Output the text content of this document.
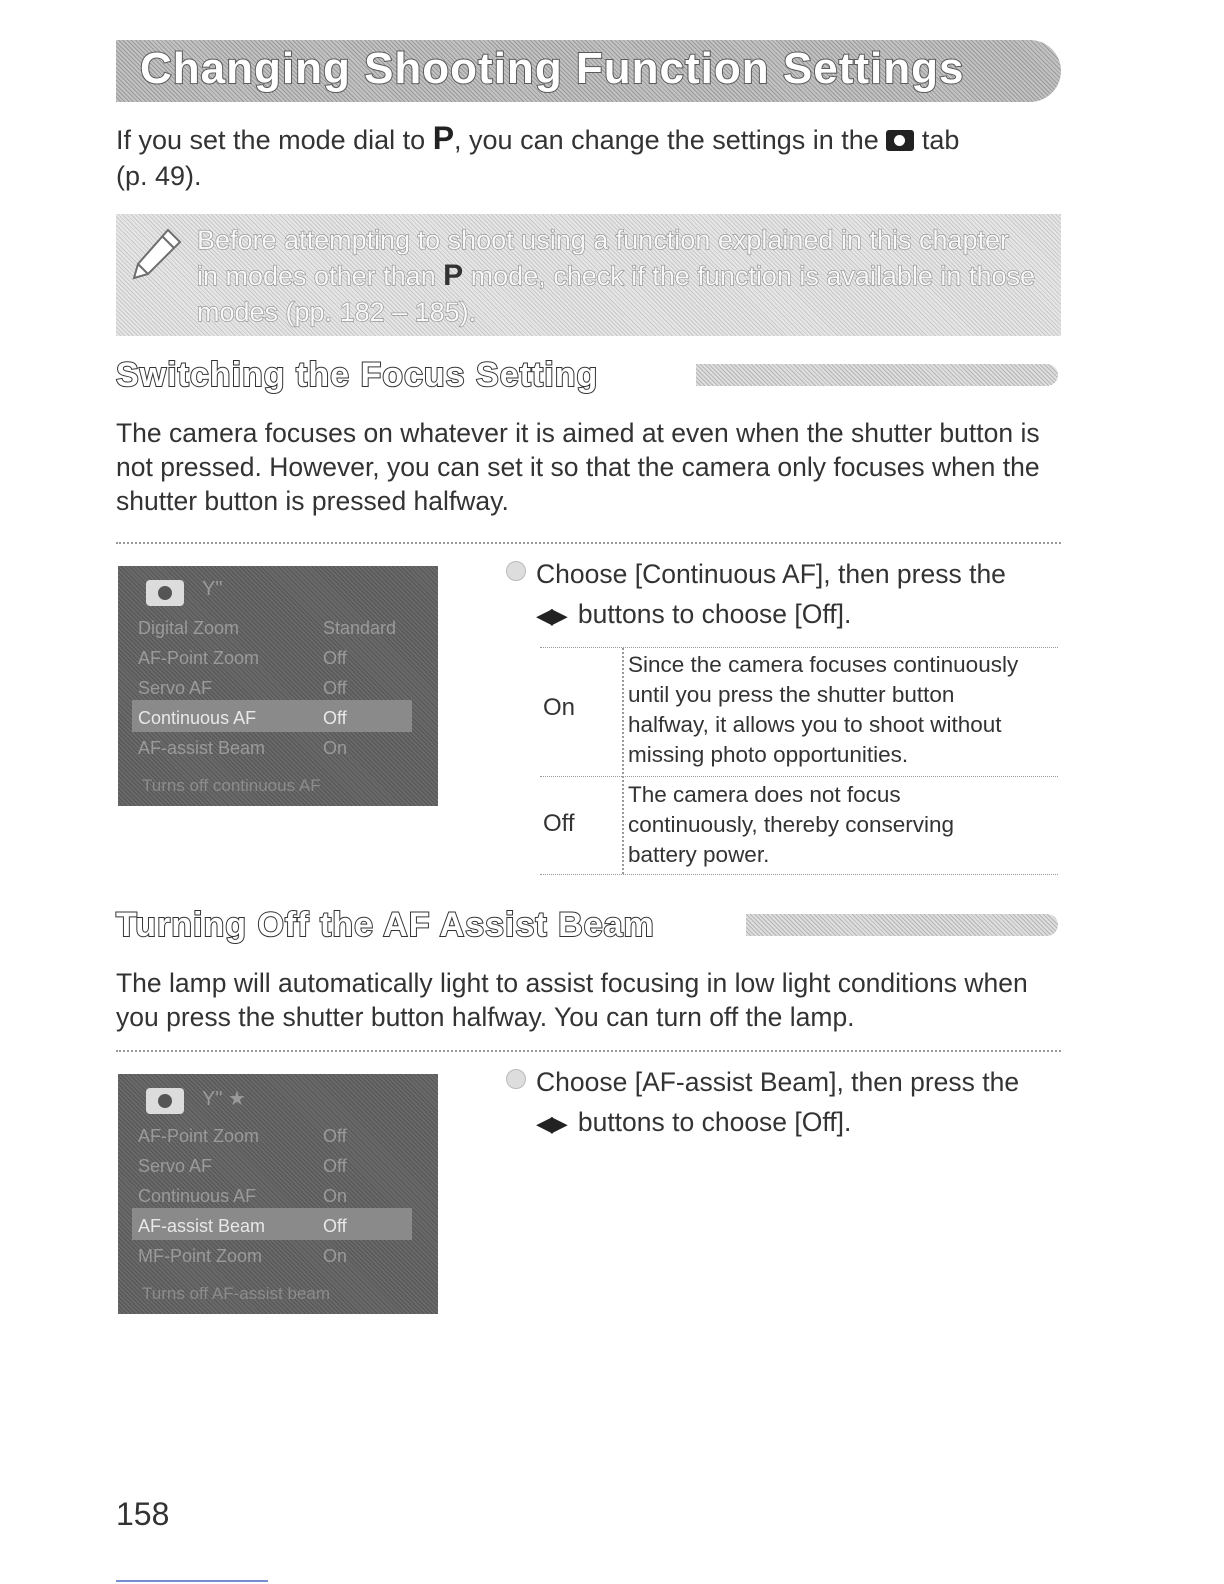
Changing Shooting Function Settings
If you set the mode dial to P, you can change the settings in the  tab
(p. 49).
Before attempting to shoot using a function explained in this chapter in modes other than P mode, check if the function is available in those modes (pp. 182 – 185).
Switching the Focus Setting
The camera focuses on whatever it is aimed at even when the shutter button is not pressed. However, you can set it so that the camera only focuses when the shutter button is pressed halfway.
Y"
Digital Zoom	Standard
AF-Point Zoom	Off
Servo AF	Off
Continuous AF	Off
AF-assist Beam	On
Turns off continuous AF
Choose [Continuous AF], then press the
◀▶ buttons to choose [Off].
On
Since the camera focuses continuously
until you press the shutter button
halfway, it allows you to shoot without
missing photo opportunities.
Off
The camera does not focus
continuously, thereby conserving
battery power.
Turning Off the AF Assist Beam
The lamp will automatically light to assist focusing in low light conditions when you press the shutter button halfway. You can turn off the lamp.
Y" ★
AF-Point Zoom	Off
Servo AF	Off
Continuous AF	On
AF-assist Beam	Off
MF-Point Zoom	On
Turns off AF-assist beam
Choose [AF-assist Beam], then press the
◀▶ buttons to choose [Off].
158
